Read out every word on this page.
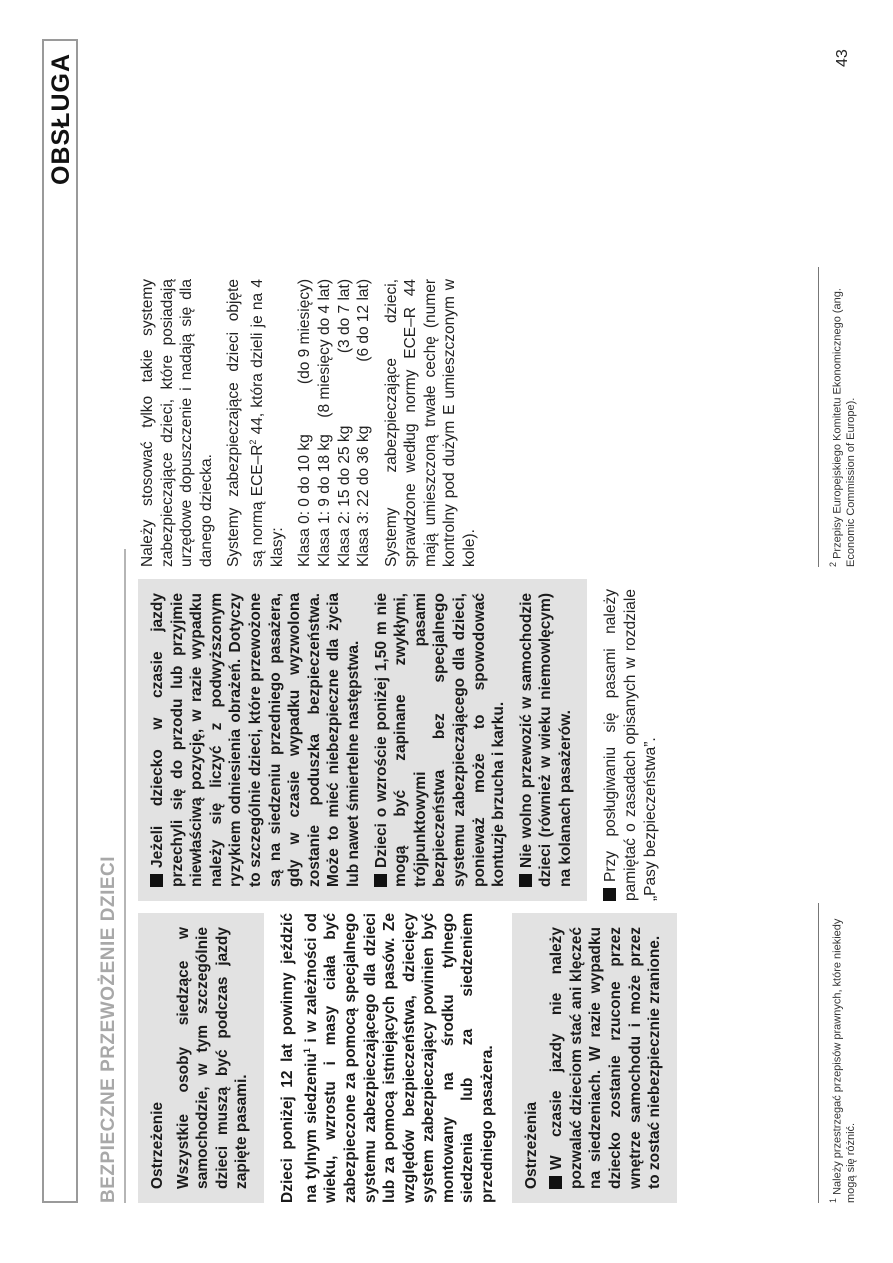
OBSŁUGA
BEZPIECZNE PRZEWOŻENIE DZIECI Ostrzeżenie Wszystkie osoby siedzące w samochodzie, w tym szczególnie dzieci muszą być podczas jazdy zapięte pasami. Dzieci poniżej 12 lat powinny jeździć na tylnym siedzeniu$^1$ i w zależności od wieku, wzrostu i masy ciała być zabezpieczone za pomocą specjalnego systemu zabezpieczającego dla dzieci lub za pomocą istniejących pasów. Ze względów bezpieczeństwa, dziecięcy system zabezpieczający powinien być montowany na środku tylnego siedzenia lub za siedzeniem przedniego pasażera. Ostrzeżenia W czasie jazdy nie należy pozwalać dzieciom stać ani klęczeć na siedzeniach. W razie wypadku dziecko zostanie rzucone przez wnętrze samochodu i może przez to zostać niebezpiecznie zranione.

Jeżeli dziecko w czasie jazdy przechyli się do przodu lub przyjmie niewłaściwą pozycję, w razie wypadku należy się liczyć z podwyższonym ryzykiem odniesienia obrażeń. Dotyczy to szczególnie dzieci, które przewożone są na siedzeniu przedniego pasażera, gdy w czasie wypadku wyzwolona zostanie poduszka bezpieczeństwa. Może to mieć niebezpieczne dla życia lub nawet śmiertelne następstwa. Dzieci o wzroście poniżej 1,50 m nie mogą być zapinane zwykłymi, trójpunktowymi pasami bezpieczeństwa bez specjalnego systemu zabezpieczającego dla dzieci, ponieważ może to spowodować kontuzje brzucha i karku. Nie wolno przewozić w samochodzie dzieci (również w wieku niemowlęcym) na kolanach pasażerów. Przy posługiwaniu się pasami należy pamiętać o zasadach opisanych w rozdziale „Pasy bezpieczeństwa”.

Należy stosować tylko takie systemy zabezpieczające dzieci, które posiadają urzędowe dopuszczenie i nadają się dla danego dziecka. Systemy zabezpieczające dzieci objęte są normą ECE–$R^2$ 44, która dzieli je na 4 klasy: Klasa 0: 0 do 10 kg
(do 9 miesięcy)
Klasa 1: 9 do 18 kg
(8 miesięcy do 4 lat)
Klasa 2: 15 do 25 kg
(3 do 7 lat)
Klasa 3: 22 do 36 kg
(6 do 12 lat) Systemy zabezpieczające dzieci, sprawdzone według normy ECE–R 44 mają umieszczoną trwałe cechę (numer kontrolny pod dużym E umieszczonym w kole).

$^1$ Należy przestrzegać przepisów prawnych, które niekiedy mogą się różnić.
$^2$ Przepisy Europejskiego Komitetu Ekonomicznego (ang. Economic Commission of Europe).
43
